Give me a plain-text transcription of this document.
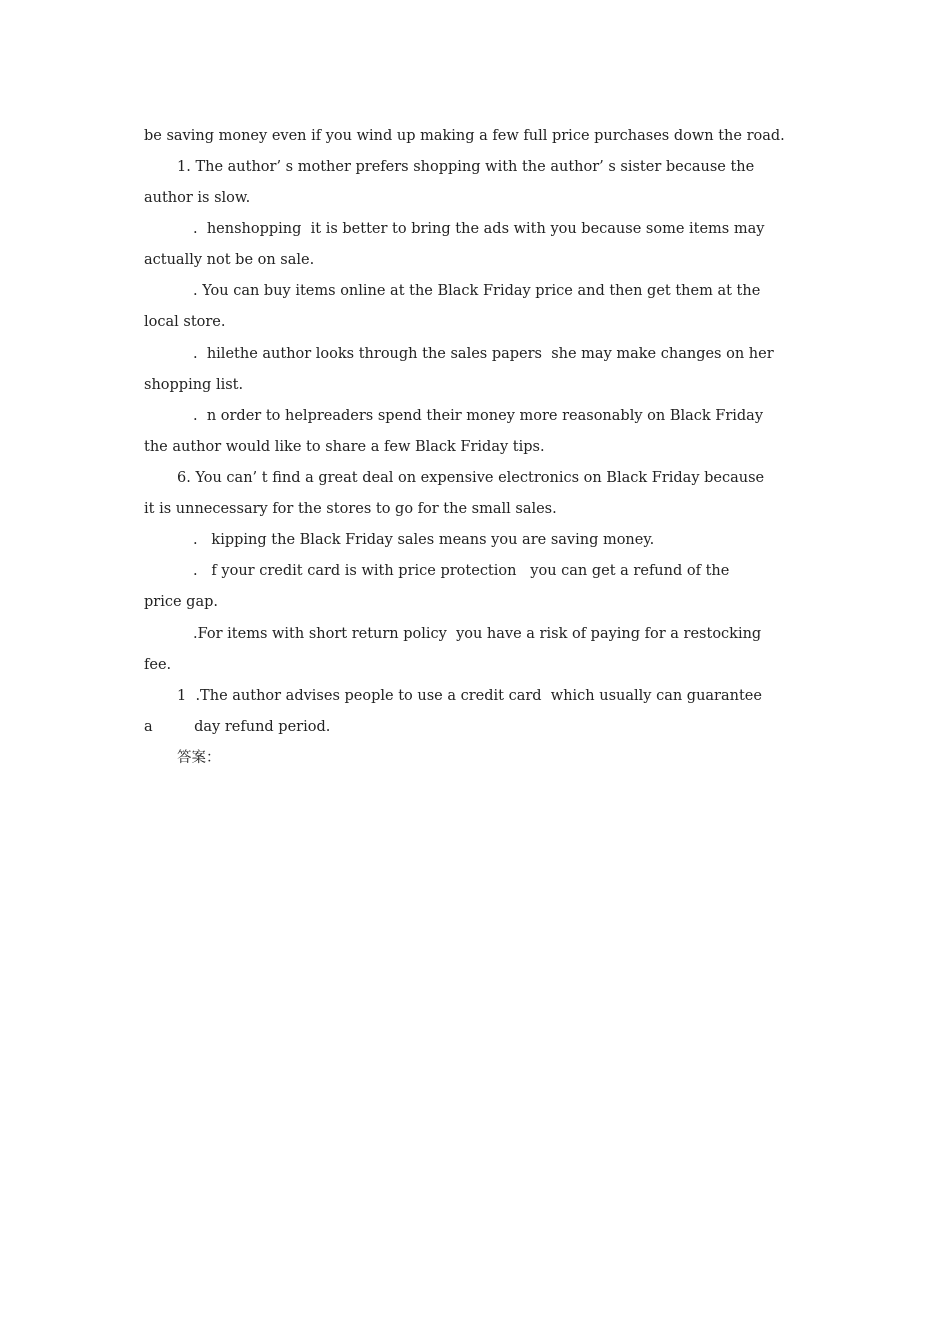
be saving money even if you wind up making a few full price purchases down the road.
1. The author’ s mother prefers shopping with the author’ s sister because the
author is slow.
.  henshopping  it is better to bring the ads with you because some items may
actually not be on sale.
. You can buy items online at the Black Friday price and then get them at the
local store.
.  hilethe author looks through the sales papers  she may make changes on her
shopping list.
.  n order to helpreaders spend their money more reasonably on Black Friday
the author would like to share a few Black Friday tips.
6. You can’ t find a great deal on expensive electronics on Black Friday because
it is unnecessary for the stores to go for the small sales.
.   kipping the Black Friday sales means you are saving money.
.   f your credit card is with price protection   you can get a refund of the
price gap.
.For items with short return policy  you have a risk of paying for a restocking
fee.
1  .The author advises people to use a credit card  which usually can guarantee
a         day refund period.
答案：
